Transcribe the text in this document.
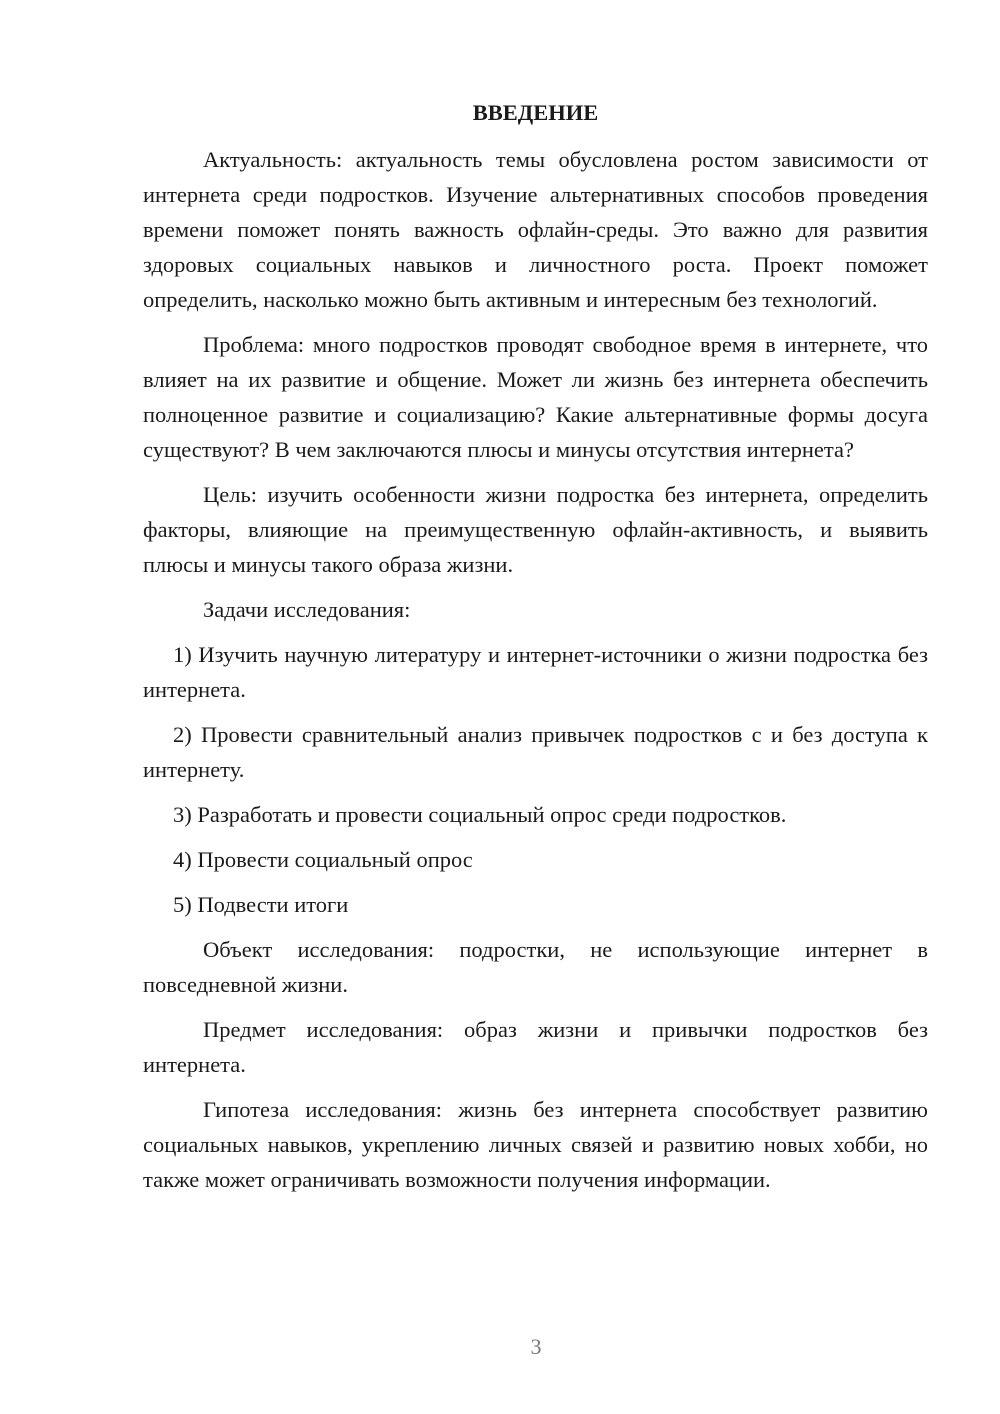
ВВЕДЕНИЕ

Актуальность: актуальность темы обусловлена ростом зависимости от интернета среди подростков. Изучение альтернативных способов проведения времени поможет понять важность офлайн-среды. Это важно для развития здоровых социальных навыков и личностного роста. Проект поможет определить, насколько можно быть активным и интересным без технологий.

Проблема: много подростков проводят свободное время в интернете, что влияет на их развитие и общение. Может ли жизнь без интернета обеспечить полноценное развитие и социализацию? Какие альтернативные формы досуга существуют? В чем заключаются плюсы и минусы отсутствия интернета?

Цель: изучить особенности жизни подростка без интернета, определить факторы, влияющие на преимущественную офлайн-активность, и выявить плюсы и минусы такого образа жизни.

Задачи исследования:

1) Изучить научную литературу и интернет-источники о жизни подростка без интернета.

2) Провести сравнительный анализ привычек подростков с и без доступа к интернету.

3) Разработать и провести социальный опрос среди подростков.

4) Провести социальный опрос

5) Подвести итоги

Объект исследования: подростки, не использующие интернет в повседневной жизни.

Предмет исследования: образ жизни и привычки подростков без интернета.

Гипотеза исследования: жизнь без интернета способствует развитию социальных навыков, укреплению личных связей и развитию новых хобби, но также может ограничивать возможности получения информации.

3
